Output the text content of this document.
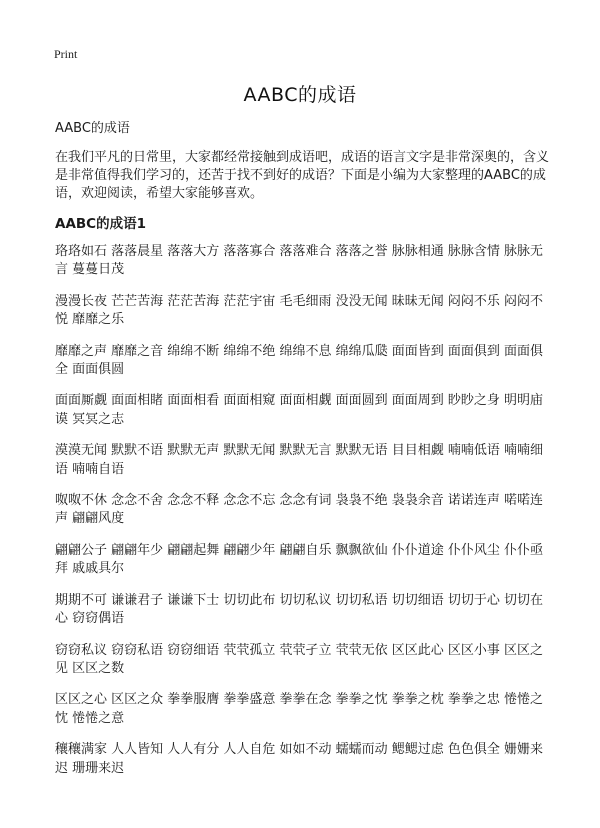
Print
AABC的成语

AABC的成语

在我们平凡的日常里，大家都经常接触到成语吧，成语的语言文字是非常深奥的，含义是非常值得我们学习的，还苦于找不到好的成语？下面是小编为大家整理的AABC的成语，欢迎阅读，希望大家能够喜欢。

AABC的成语1

珞珞如石 落落晨星 落落大方 落落寡合 落落难合 落落之誉 脉脉相通 脉脉含情 脉脉无言 蔓蔓日茂

漫漫长夜 芒芒苦海 茫茫苦海 茫茫宇宙 毛毛细雨 没没无闻 昧昧无闻 闷闷不乐 闷闷不悦 靡靡之乐

靡靡之声 靡靡之音 绵绵不断 绵绵不绝 绵绵不息 绵绵瓜瓞 面面皆到 面面俱到 面面俱全 面面俱圆

面面厮觑 面面相睹 面面相看 面面相窥 面面相觑 面面圆到 面面周到 眇眇之身 明明庙谟 冥冥之志

漠漠无闻 默默不语 默默无声 默默无闻 默默无言 默默无语 目目相觑 喃喃低语 喃喃细语 喃喃自语

呶呶不休 念念不舍 念念不释 念念不忘 念念有词 袅袅不绝 袅袅余音 诺诺连声 喏喏连声 翩翩风度

翩翩公子 翩翩年少 翩翩起舞 翩翩少年 翩翩自乐 飘飘欲仙 仆仆道途 仆仆风尘 仆仆亟拜 戚戚具尔

期期不可 谦谦君子 谦谦下士 切切此布 切切私议 切切私语 切切细语 切切于心 切切在心 窃窃偶语

窃窃私议 窃窃私语 窃窃细语 茕茕孤立 茕茕孑立 茕茕无依 区区此心 区区小事 区区之见 区区之数

区区之心 区区之众 拳拳服膺 拳拳盛意 拳拳在念 拳拳之忱 拳拳之枕 拳拳之忠 惓惓之忱 惓惓之意

穰穰满家 人人皆知 人人有分 人人自危 如如不动 蠕蠕而动 鳃鳃过虑 色色俱全 姗姗来迟 珊珊来迟
